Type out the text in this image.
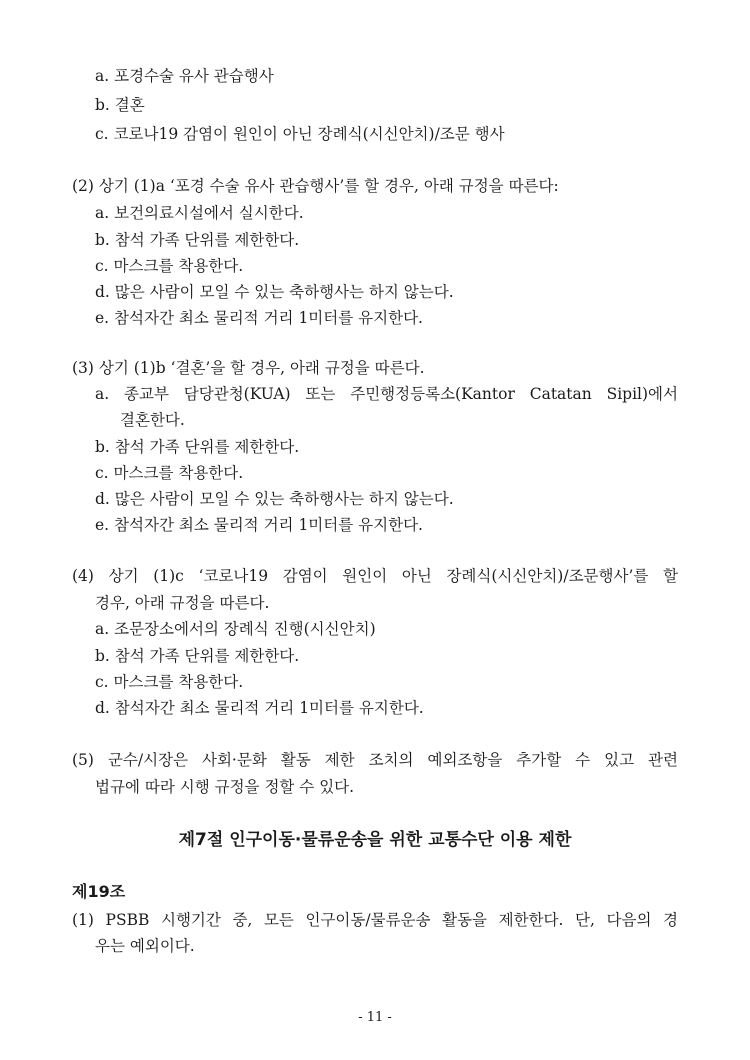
a. 포경수술 유사 관습행사
b. 결혼
c. 코로나19 감염이 원인이 아닌 장례식(시신안치)/조문 행사
(2) 상기 (1)a ‘포경 수술 유사 관습행사’를 할 경우, 아래 규정을 따른다:
a. 보건의료시설에서 실시한다.
b. 참석 가족 단위를 제한한다.
c. 마스크를 착용한다.
d. 많은 사람이 모일 수 있는 축하행사는 하지 않는다.
e. 참석자간 최소 물리적 거리 1미터를 유지한다.
(3) 상기 (1)b ‘결혼’을 할 경우, 아래 규정을 따른다.
a. 종교부 담당관청(KUA) 또는 주민행정등록소(Kantor Catatan Sipil)에서
결혼한다.
b. 참석 가족 단위를 제한한다.
c. 마스크를 착용한다.
d. 많은 사람이 모일 수 있는 축하행사는 하지 않는다.
e. 참석자간 최소 물리적 거리 1미터를 유지한다.
(4) 상기 (1)c ‘코로나19 감염이 원인이 아닌 장례식(시신안치)/조문행사’를 할
경우, 아래 규정을 따른다.
a. 조문장소에서의 장례식 진행(시신안치)
b. 참석 가족 단위를 제한한다.
c. 마스크를 착용한다.
d. 참석자간 최소 물리적 거리 1미터를 유지한다.
(5) 군수/시장은 사회·문화 활동 제한 조치의 예외조항을 추가할 수 있고 관련
법규에 따라 시행 규정을 정할 수 있다.
제7절 인구이동·물류운송을 위한 교통수단 이용 제한
제19조
(1) PSBB 시행기간 중, 모든 인구이동/물류운송 활동을 제한한다. 단, 다음의 경
우는 예외이다.
- 11 -
